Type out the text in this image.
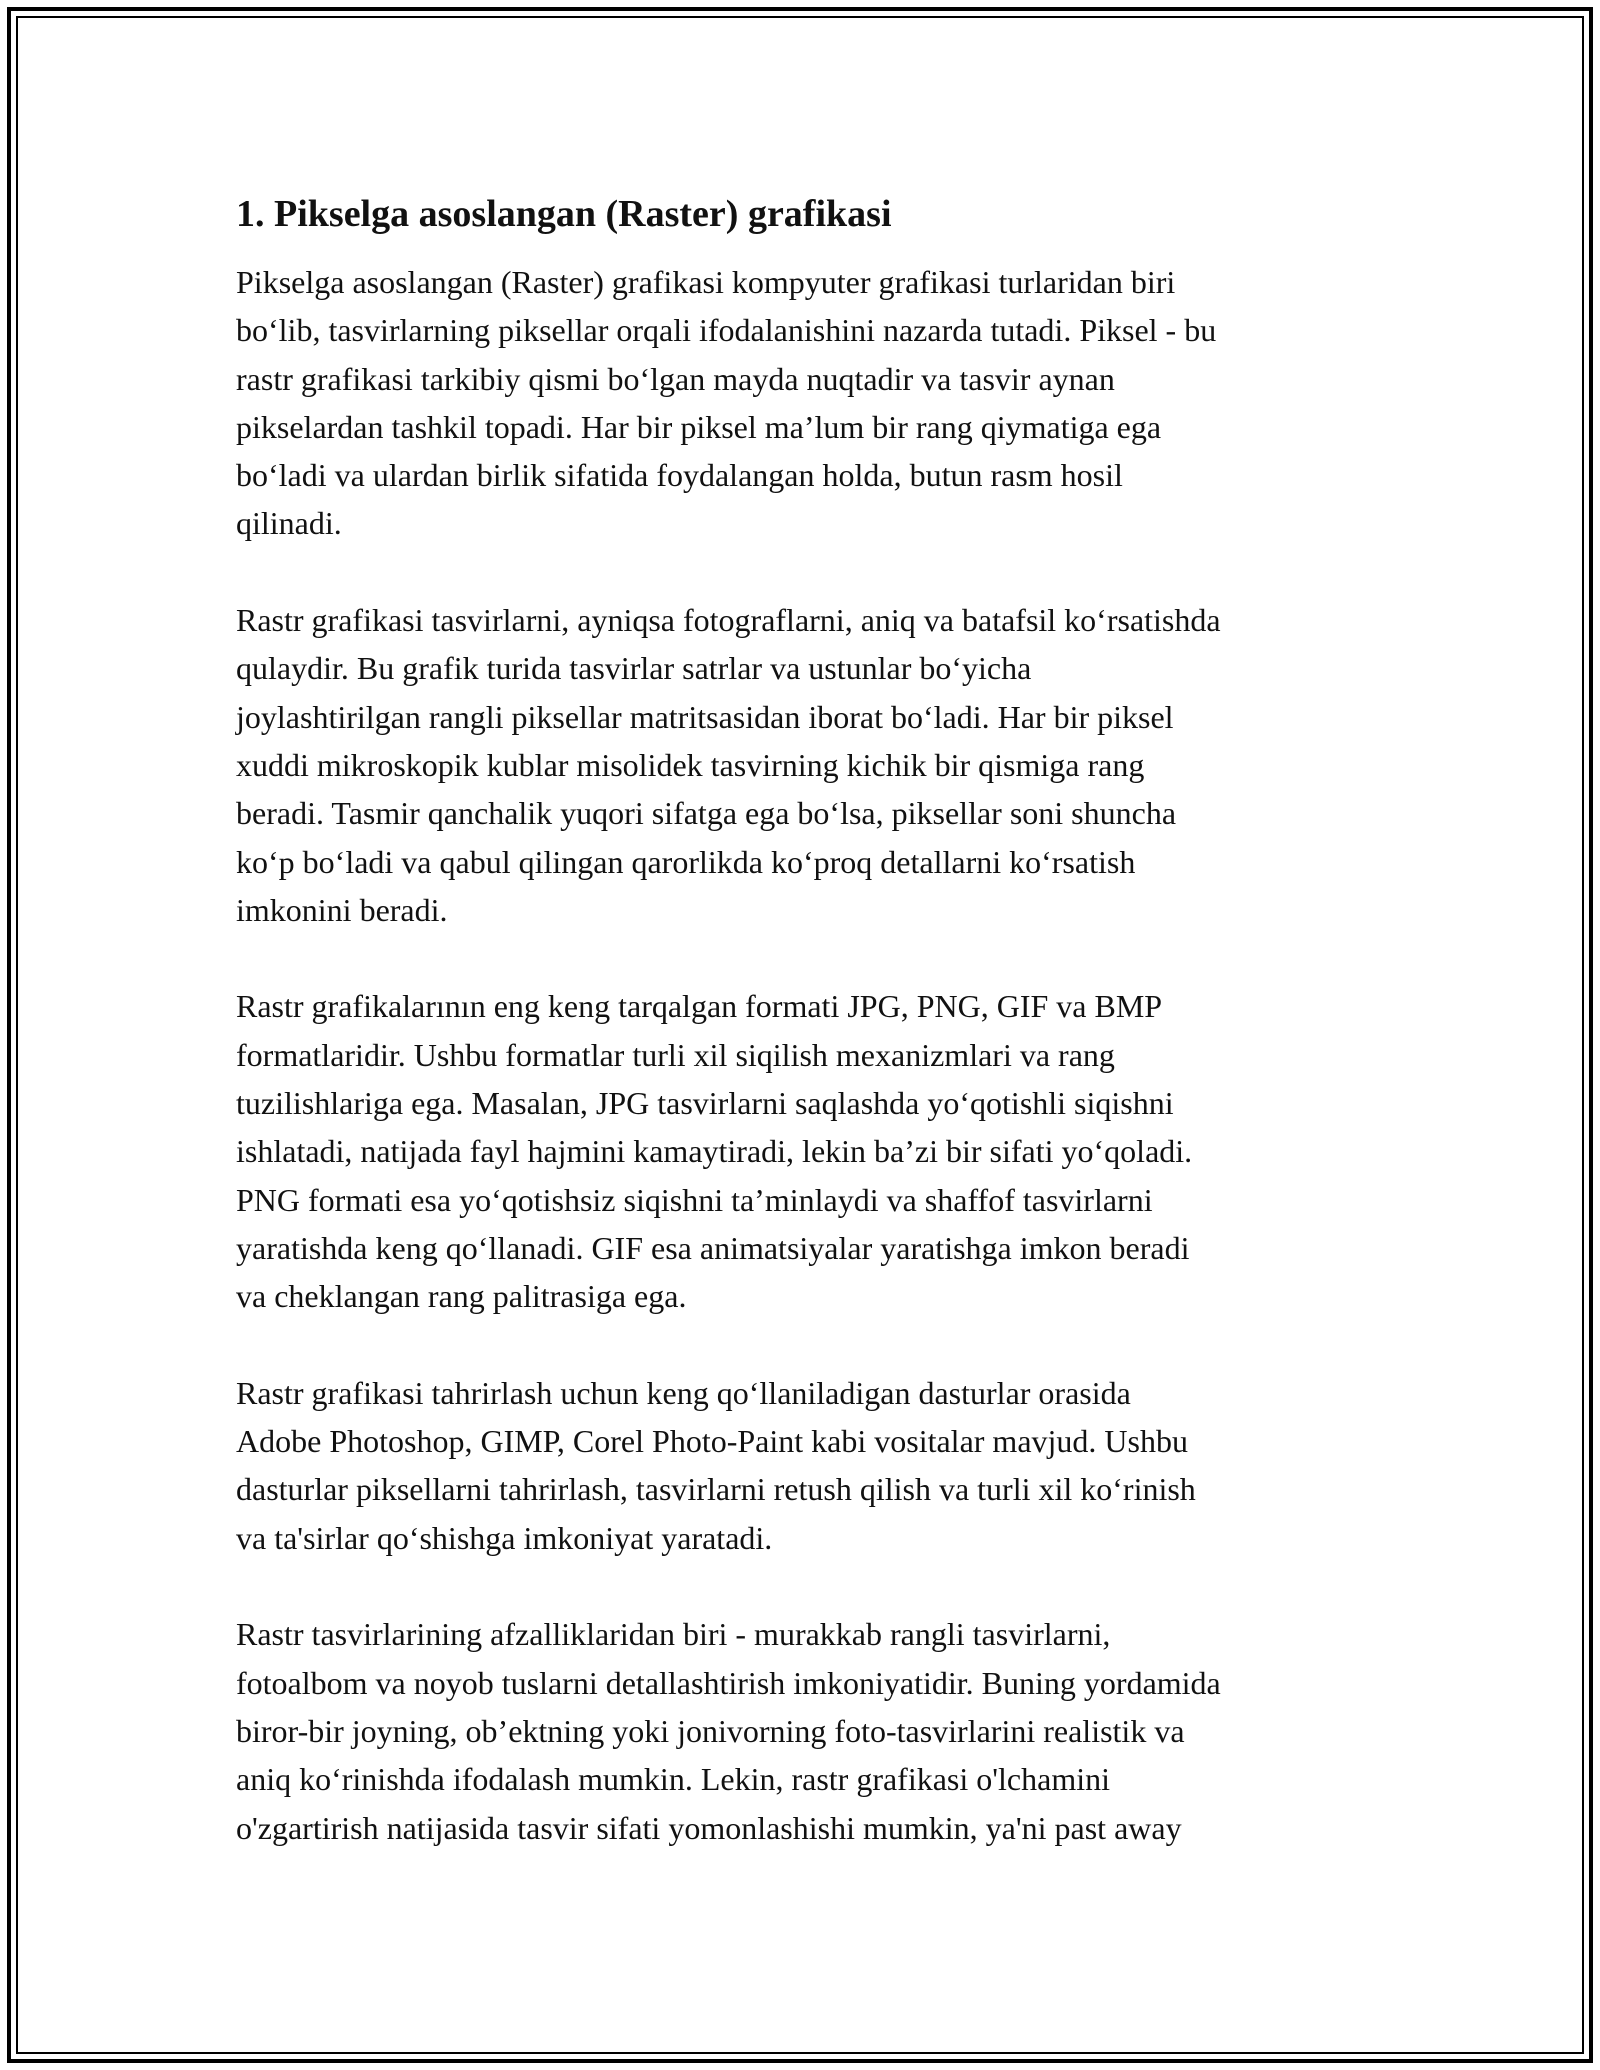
1. Pikselga asoslangan (Raster) grafikasi
Pikselga asoslangan (Raster) grafikasi kompyuter grafikasi turlaridan biri
bo‘lib, tasvirlarning piksellar orqali ifodalanishini nazarda tutadi. Piksel - bu
rastr grafikasi tarkibiy qismi bo‘lgan mayda nuqtadir va tasvir aynan
pikselardan tashkil topadi. Har bir piksel ma’lum bir rang qiymatiga ega
bo‘ladi va ulardan birlik sifatida foydalangan holda, butun rasm hosil
qilinadi.
Rastr grafikasi tasvirlarni, ayniqsa fotograflarni, aniq va batafsil ko‘rsatishda
qulaydir. Bu grafik turida tasvirlar satrlar va ustunlar bo‘yicha
joylashtirilgan rangli piksellar matritsasidan iborat bo‘ladi. Har bir piksel
xuddi mikroskopik kublar misolidek tasvirning kichik bir qismiga rang
beradi. Tasmir qanchalik yuqori sifatga ega bo‘lsa, piksellar soni shuncha
ko‘p bo‘ladi va qabul qilingan qarorlikda ko‘proq detallarni ko‘rsatish
imkonini beradi.
Rastr grafikalarının eng keng tarqalgan formati JPG, PNG, GIF va BMP
formatlaridir. Ushbu formatlar turli xil siqilish mexanizmlari va rang
tuzilishlariga ega. Masalan, JPG tasvirlarni saqlashda yo‘qotishli siqishni
ishlatadi, natijada fayl hajmini kamaytiradi, lekin ba’zi bir sifati yo‘qoladi.
PNG formati esa yo‘qotishsiz siqishni ta’minlaydi va shaffof tasvirlarni
yaratishda keng qo‘llanadi. GIF esa animatsiyalar yaratishga imkon beradi
va cheklangan rang palitrasiga ega.
Rastr grafikasi tahrirlash uchun keng qo‘llaniladigan dasturlar orasida
Adobe Photoshop, GIMP, Corel Photo-Paint kabi vositalar mavjud. Ushbu
dasturlar piksellarni tahrirlash, tasvirlarni retush qilish va turli xil ko‘rinish
va ta'sirlar qo‘shishga imkoniyat yaratadi.
Rastr tasvirlarining afzalliklaridan biri - murakkab rangli tasvirlarni,
fotoalbom va noyob tuslarni detallashtirish imkoniyatidir. Buning yordamida
biror-bir joyning, ob’ektning yoki jonivorning foto-tasvirlarini realistik va
aniq ko‘rinishda ifodalash mumkin. Lekin, rastr grafikasi o'lchamini
o'zgartirish natijasida tasvir sifati yomonlashishi mumkin, ya'ni past away
